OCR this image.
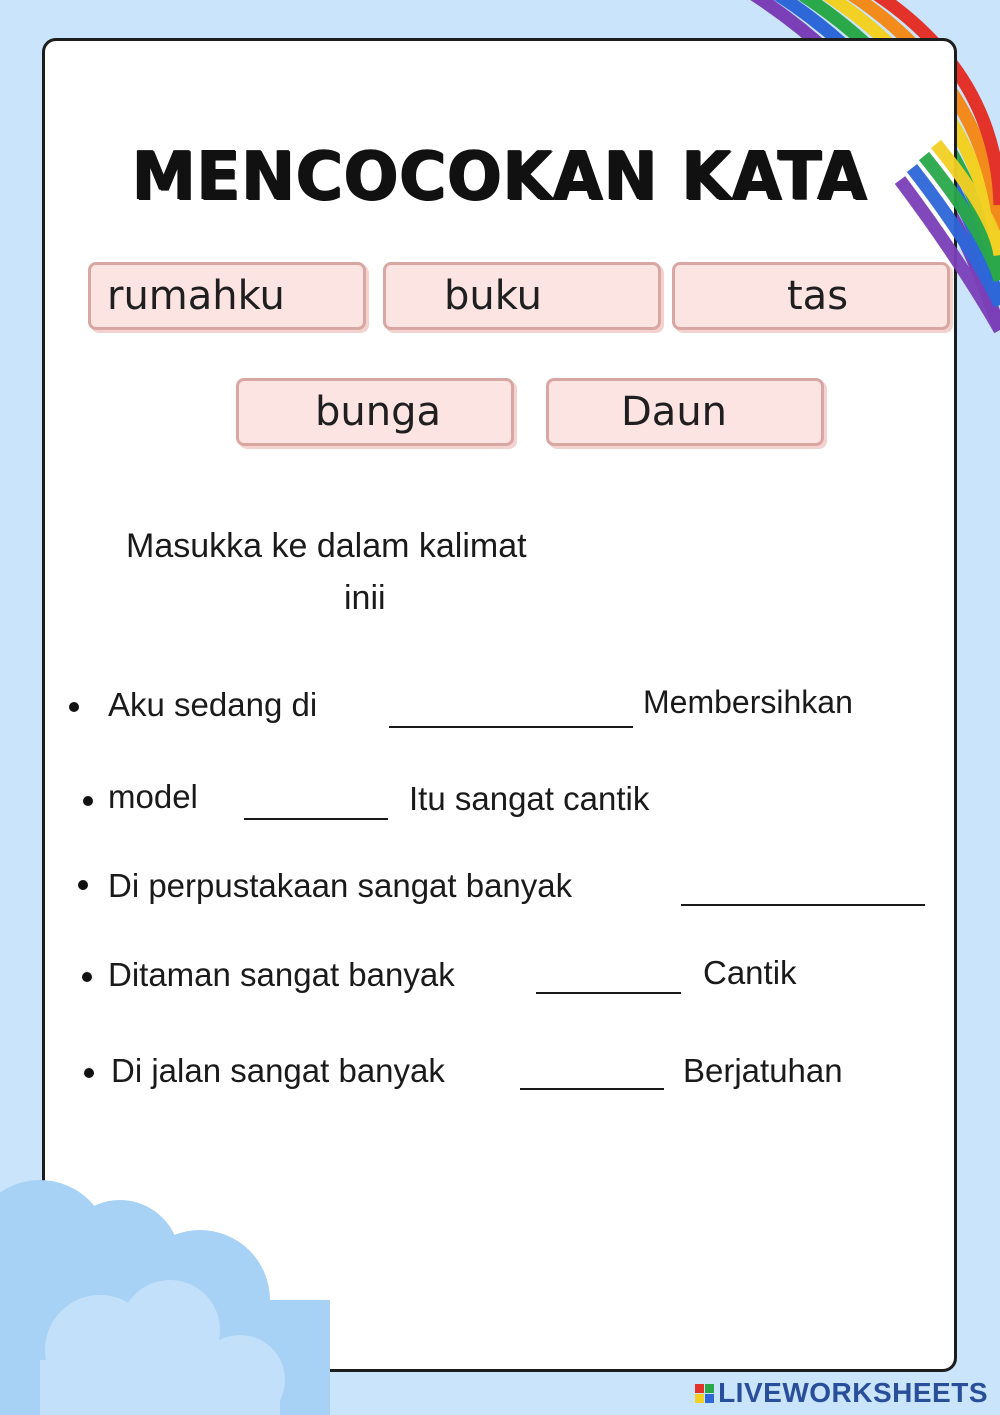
MENCOCOKAN KATA
rumahku	buku	tas
bunga	Daun
Masukka ke dalam kalimat
inii
Aku sedang di	Membersihkan
model	Itu sangat cantik
Di perpustakaan sangat banyak
Ditaman sangat banyak	Cantik
Di jalan sangat banyak	Berjatuhan
LIVEWORKSHEETS
